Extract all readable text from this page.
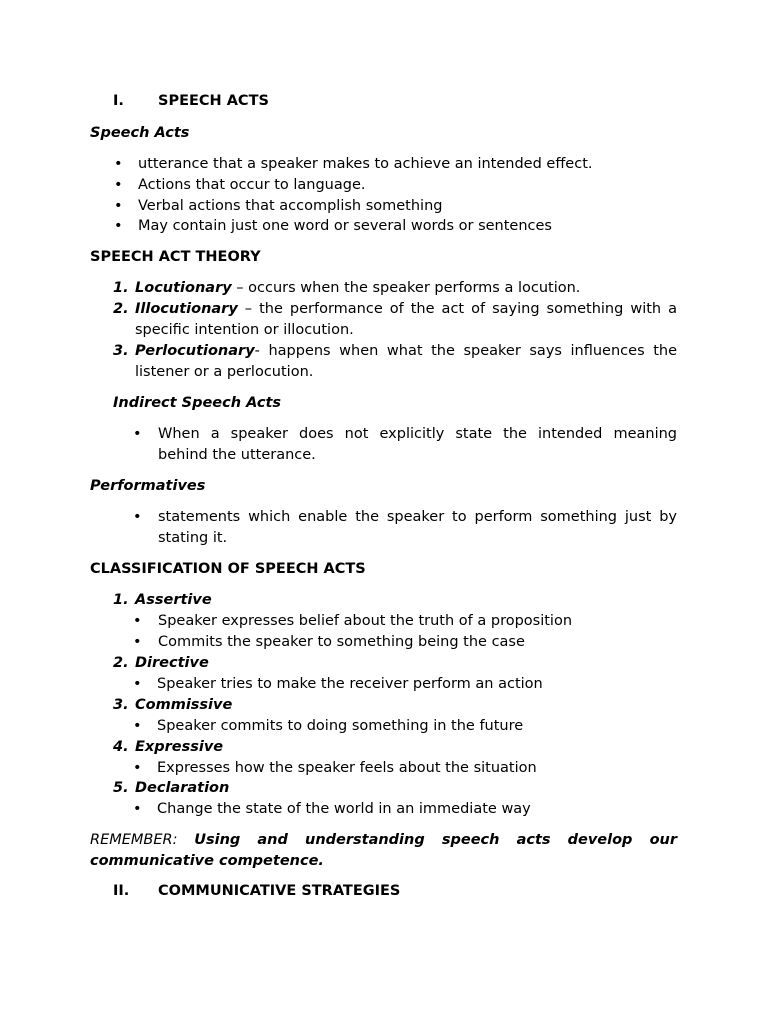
I. SPEECH ACTS
Speech Acts
• utterance that a speaker makes to achieve an intended effect.
• Actions that occur to language.
• Verbal actions that accomplish something
• May contain just one word or several words or sentences
SPEECH ACT THEORY
1. Locutionary – occurs when the speaker performs a locution.
2. Illocutionary – the performance of the act of saying something with a
specific intention or illocution.
3. Perlocutionary- happens when what the speaker says influences the
listener or a perlocution.
Indirect Speech Acts
• When a speaker does not explicitly state the intended meaning
behind the utterance.
Performatives
• statements which enable the speaker to perform something just by
stating it.
CLASSIFICATION OF SPEECH ACTS
1. Assertive
• Speaker expresses belief about the truth of a proposition
• Commits the speaker to something being the case
2. Directive
• Speaker tries to make the receiver perform an action
3. Commissive
• Speaker commits to doing something in the future
4. Expressive
• Expresses how the speaker feels about the situation
5. Declaration
• Change the state of the world in an immediate way
REMEMBER: Using and understanding speech acts develop our
communicative competence.
II. COMMUNICATIVE STRATEGIES
